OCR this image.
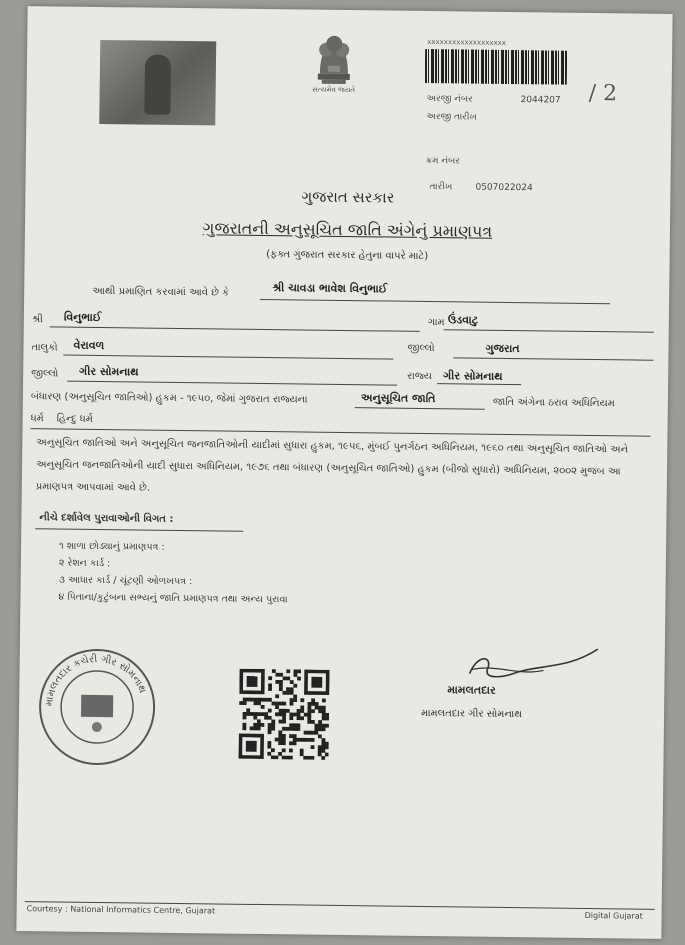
સત્યમેવ જયતે
xxxxxxxxxxxxxxxxxxx
અરજી નંબર	2044207
અરજી તારીખ
/ 2
ક્રમ નંબર
તારીખ	0507022024
ગુજરાત સરકાર
ગુજરાતની અનુસૂચિત જાતિ અંગેનું પ્રમાણપત્ર
(ફક્ત ગુજરાત સરકાર હેતુના વાપરે માટે)
આથી પ્રમાણિત કરવામાં આવે છે કે	શ્રી ચાવડા ભાવેશ વિનુભાઈ
શ્રી વિનુભાઈ	ગામ ઉંડવાટુ
તાલુકો વેરાવળ	જીલ્લો	ગુજરાત
જીલ્લો ગીર સોમનાથ	રાજ્ય ગીર સોમનાથ
બંધારણ (અનુસૂચિત જાતિઓ) હુકમ - ૧૯૫૦, જેમાં ગુજરાત રાજ્યના	અનુસૂચિત જાતિ	જાતિ અંગેના ઠરાવ અધિનિયમ
ધર્મ હિન્દુ ધર્મ
અનુસૂચિત જાતિઓ અને અનુસૂચિત જનજાતિઓની યાદીમાં સુધારા હુકમ, ૧૯૫૬, મુંબઈ પુનર્ગઠન અધિનિયમ, ૧૯૬૦ તથા અનુસૂચિત જાતિઓ અને અનુસૂચિત જનજાતિઓની યાદી સુધારા અધિનિયમ, ૧૯૭૬ તથા બંધારણ (અનુસૂચિત જાતિઓ) હુકમ (બીજો સુધારો) અધિનિયમ, ૨૦૦૨ મુજબ આ પ્રમાણપત્ર આપવામાં આવે છે.
નીચે દર્શાવેલ પુરાવાઓની વિગત :
૧ શાળા છોડ્યાનું પ્રમાણપત્ર :
૨ રેશન કાર્ડ :
૩ આધાર કાર્ડ / ચૂંટણી ઓળખપત્ર :
૪ પિતાના/કુટુંબના સભ્યનું જાતિ પ્રમાણપત્ર તથા અન્ય પુરાવા
મામલતદાર કચેરી ગીર સોમનાથ	મામલતદાર
મામલતદાર ગીર સોમનાથ
Courtesy : National Informatics Centre, Gujarat
Digital Gujarat
